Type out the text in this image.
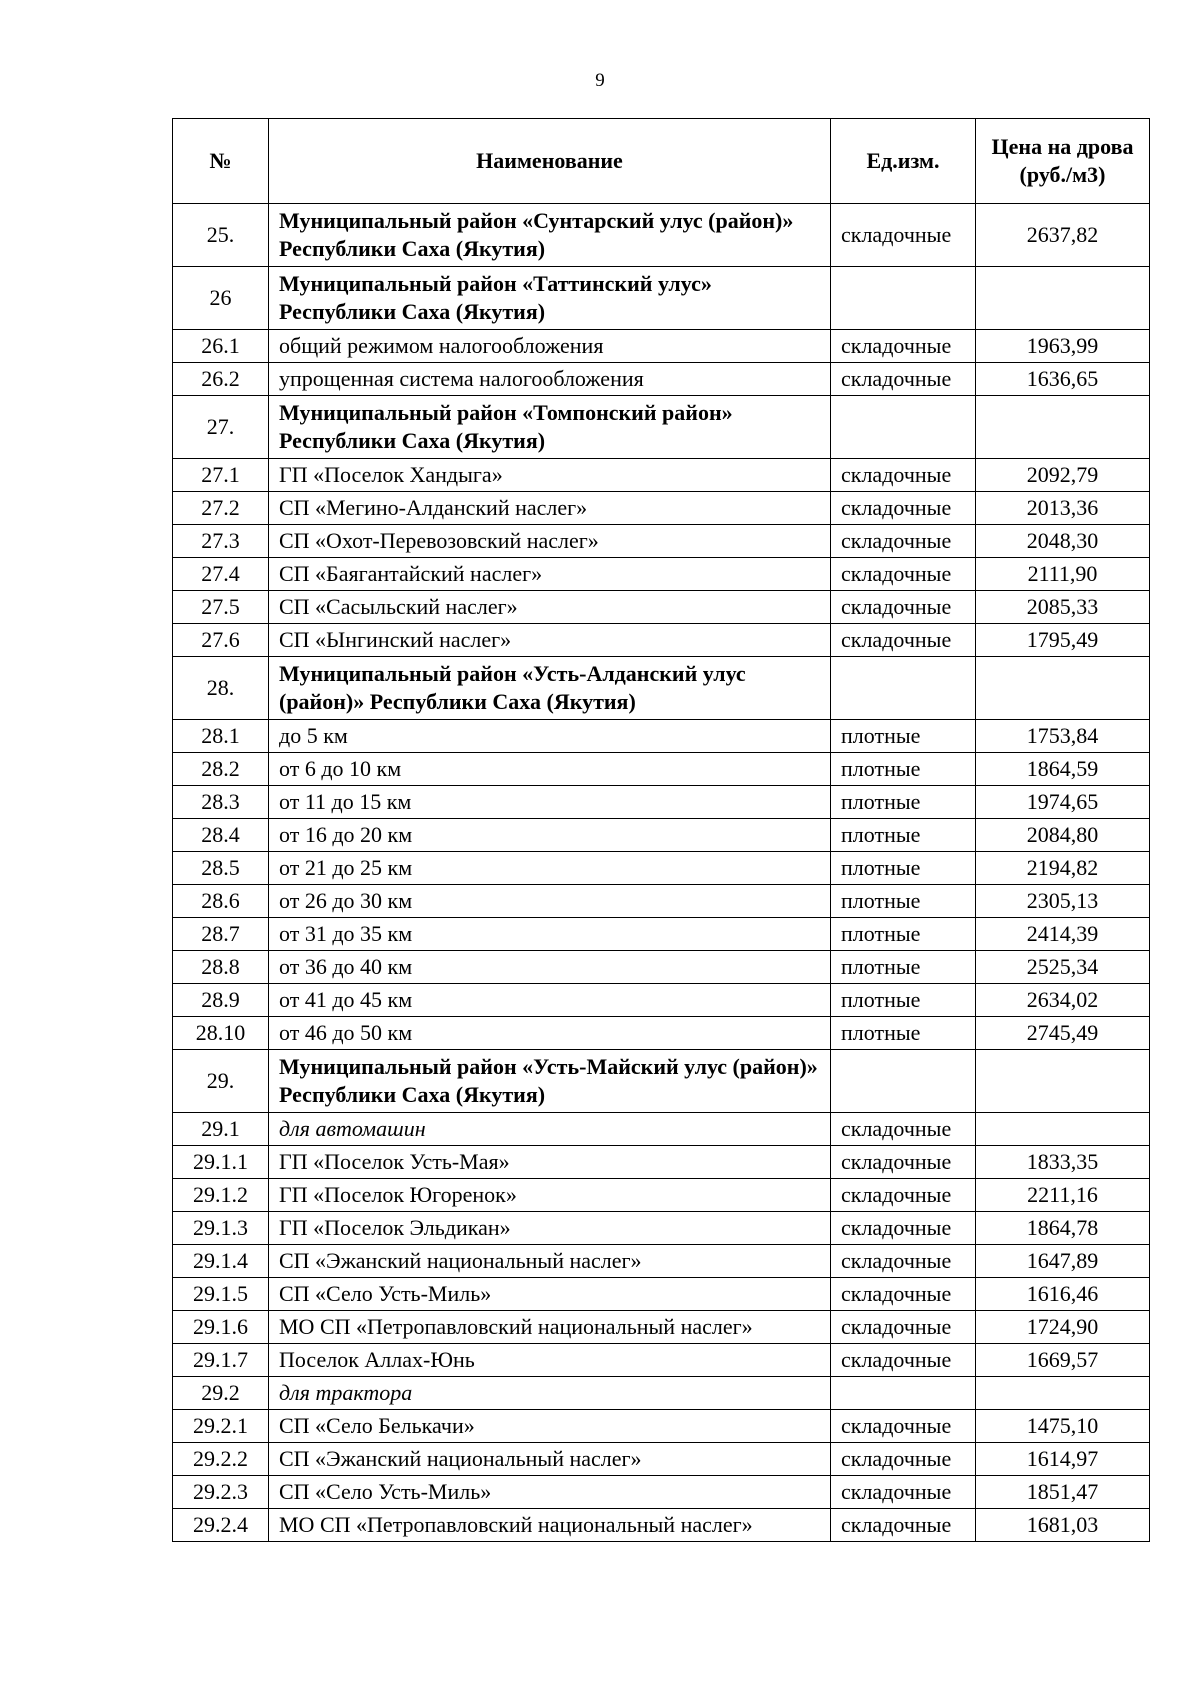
9
№	Наименование	Ед.изм.	Цена на дрова (руб./м3)
25.	Муниципальный район «Сунтарский улус (район)» Республики Саха (Якутия)	складочные	2637,82
26	Муниципальный район «Таттинский улус» Республики Саха (Якутия)		
26.1	общий режимом налогообложения	складочные	1963,99
26.2	упрощенная система налогообложения	складочные	1636,65
27.	Муниципальный район «Томпонский район» Республики Саха (Якутия)		
27.1	ГП «Поселок Хандыга»	складочные	2092,79
27.2	СП «Мегино-Алданский наслег»	складочные	2013,36
27.3	СП «Охот-Перевозовский наслег»	складочные	2048,30
27.4	СП «Баягантайский наслег»	складочные	2111,90
27.5	СП «Сасыльский наслег»	складочные	2085,33
27.6	СП «Ынгинский наслег»	складочные	1795,49
28.	Муниципальный район «Усть-Алданский улус (район)» Республики Саха (Якутия)		
28.1	до 5 км	плотные	1753,84
28.2	от 6 до 10 км	плотные	1864,59
28.3	от 11 до 15 км	плотные	1974,65
28.4	от 16 до 20 км	плотные	2084,80
28.5	от 21 до 25 км	плотные	2194,82
28.6	от 26 до 30 км	плотные	2305,13
28.7	от 31 до 35 км	плотные	2414,39
28.8	от 36 до 40 км	плотные	2525,34
28.9	от 41 до 45 км	плотные	2634,02
28.10	от 46 до 50 км	плотные	2745,49
29.	Муниципальный район «Усть-Майский улус (район)» Республики Саха (Якутия)		
29.1	для автомашин	складочные	
29.1.1	ГП «Поселок Усть-Мая»	складочные	1833,35
29.1.2	ГП «Поселок Югоренок»	складочные	2211,16
29.1.3	ГП «Поселок Эльдикан»	складочные	1864,78
29.1.4	СП «Эжанский национальный наслег»	складочные	1647,89
29.1.5	СП «Село Усть-Миль»	складочные	1616,46
29.1.6	МО СП «Петропавловский национальный наслег»	складочные	1724,90
29.1.7	Поселок Аллах-Юнь	складочные	1669,57
29.2	для трактора		
29.2.1	СП «Село Белькачи»	складочные	1475,10
29.2.2	СП «Эжанский национальный наслег»	складочные	1614,97
29.2.3	СП «Село Усть-Миль»	складочные	1851,47
29.2.4	МО СП «Петропавловский национальный наслег»	складочные	1681,03
